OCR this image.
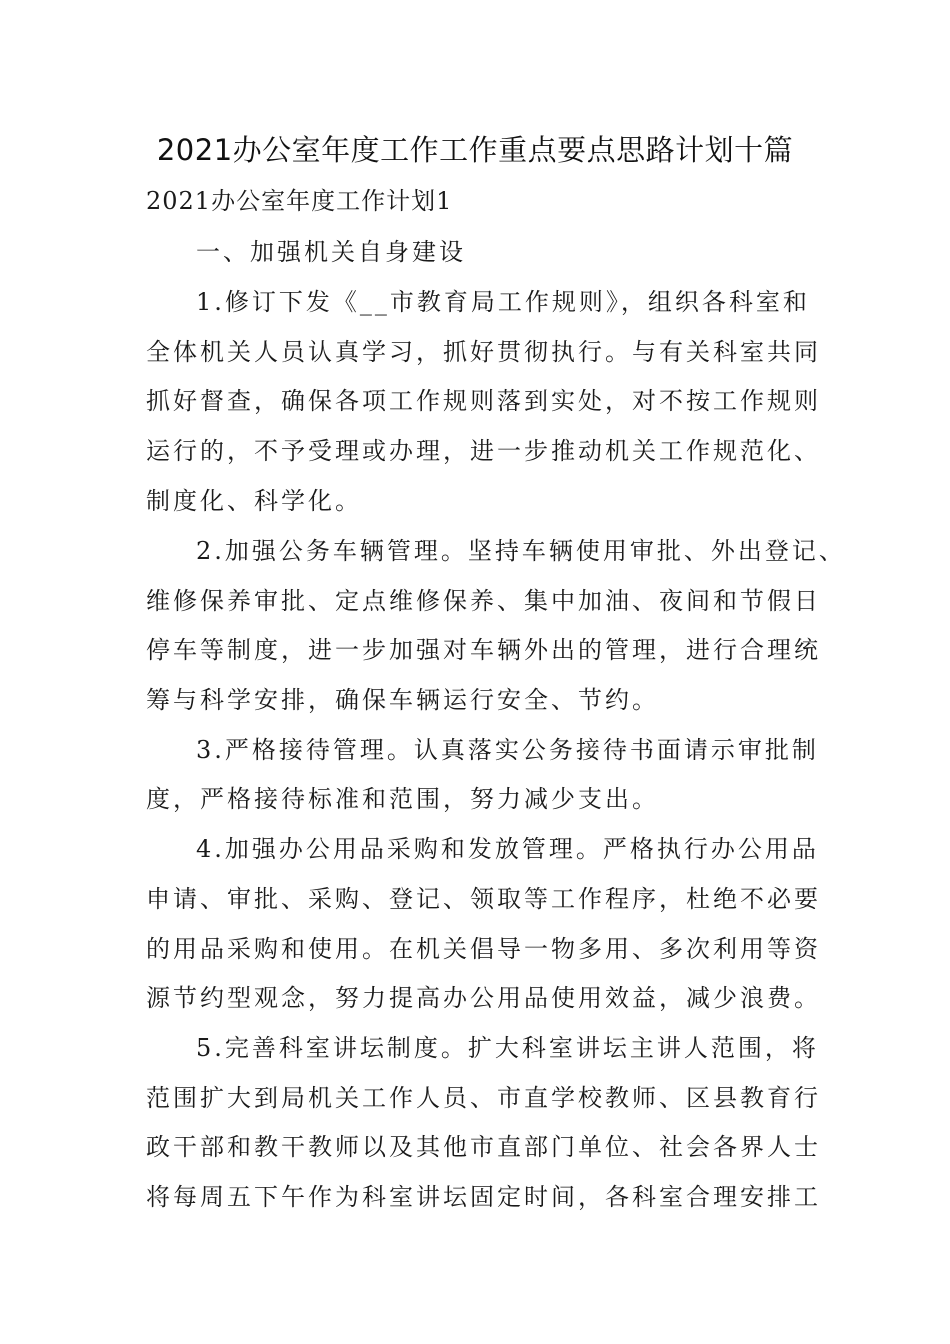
2021办公室年度工作工作重点要点思路计划十篇
2021办公室年度工作计划1
一、加强机关自身建设
1.修订下发《__市教育局工作规则》，组织各科室和
全体机关人员认真学习，抓好贯彻执行。与有关科室共同
抓好督查，确保各项工作规则落到实处，对不按工作规则
运行的，不予受理或办理，进一步推动机关工作规范化、
制度化、科学化。
2.加强公务车辆管理。坚持车辆使用审批、外出登记、
维修保养审批、定点维修保养、集中加油、夜间和节假日
停车等制度，进一步加强对车辆外出的管理，进行合理统
筹与科学安排，确保车辆运行安全、节约。
3.严格接待管理。认真落实公务接待书面请示审批制
度，严格接待标准和范围，努力减少支出。
4.加强办公用品采购和发放管理。严格执行办公用品
申请、审批、采购、登记、领取等工作程序，杜绝不必要
的用品采购和使用。在机关倡导一物多用、多次利用等资
源节约型观念，努力提高办公用品使用效益，减少浪费。
5.完善科室讲坛制度。扩大科室讲坛主讲人范围，将
范围扩大到局机关工作人员、市直学校教师、区县教育行
政干部和教干教师以及其他市直部门单位、社会各界人士
将每周五下午作为科室讲坛固定时间，各科室合理安排工
